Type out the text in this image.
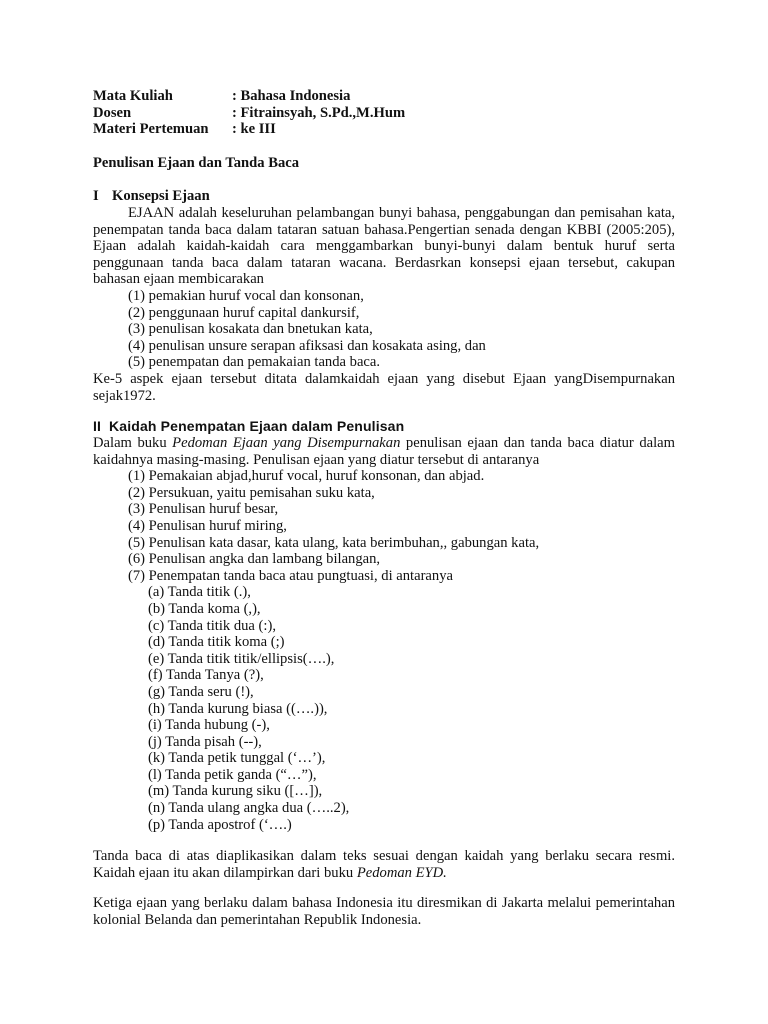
Mata Kuliah	: Bahasa Indonesia
Dosen	: Fitrainsyah, S.Pd.,M.Hum
Materi Pertemuan	: ke III
Penulisan Ejaan dan Tanda Baca
I Konsepsi Ejaan
EJAAN adalah keseluruhan pelambangan bunyi bahasa, penggabungan dan pemisahan kata, penempatan tanda baca dalam tataran satuan bahasa.Pengertian senada dengan KBBI (2005:205), Ejaan adalah kaidah-kaidah cara menggambarkan bunyi-bunyi dalam bentuk huruf serta penggunaan tanda baca dalam tataran wacana. Berdasrkan konsepsi ejaan tersebut, cakupan bahasan ejaan membicarakan
(1) pemakian huruf vocal dan konsonan,
(2) penggunaan huruf capital dankursif,
(3) penulisan kosakata dan bnetukan kata,
(4) penulisan unsure serapan afiksasi dan kosakata asing, dan
(5) penempatan dan pemakaian tanda baca.
Ke-5 aspek ejaan tersebut ditata dalamkaidah ejaan yang disebut Ejaan yangDisempurnakan sejak1972.
II Kaidah Penempatan Ejaan dalam Penulisan
Dalam buku Pedoman Ejaan yang Disempurnakan penulisan ejaan dan tanda baca diatur dalam kaidahnya masing-masing. Penulisan ejaan yang diatur tersebut di antaranya
(1) Pemakaian abjad,huruf vocal, huruf konsonan, dan abjad.
(2) Persukuan, yaitu pemisahan suku kata,
(3) Penulisan huruf besar,
(4) Penulisan huruf miring,
(5) Penulisan kata dasar, kata ulang, kata berimbuhan,, gabungan kata,
(6) Penulisan angka dan lambang bilangan,
(7) Penempatan tanda baca atau pungtuasi, di antaranya
(a) Tanda titik (.),
(b) Tanda koma (,),
(c) Tanda titik dua (:),
(d) Tanda titik koma (;)
(e) Tanda titik titik/ellipsis(….),
(f) Tanda Tanya (?),
(g) Tanda seru (!),
(h) Tanda kurung biasa ((….)),
(i) Tanda hubung (-),
(j) Tanda pisah (--),
(k) Tanda petik tunggal (‘…’),
(l) Tanda petik ganda (“…”),
(m) Tanda kurung siku ([…]),
(n) Tanda ulang angka dua (…..2),
(p) Tanda apostrof (‘….)
Tanda baca di atas diaplikasikan dalam teks sesuai dengan kaidah yang berlaku secara resmi. Kaidah ejaan itu akan dilampirkan dari buku Pedoman EYD.
Ketiga ejaan yang berlaku dalam bahasa Indonesia itu diresmikan di Jakarta melalui pemerintahan kolonial Belanda dan pemerintahan Republik Indonesia.
